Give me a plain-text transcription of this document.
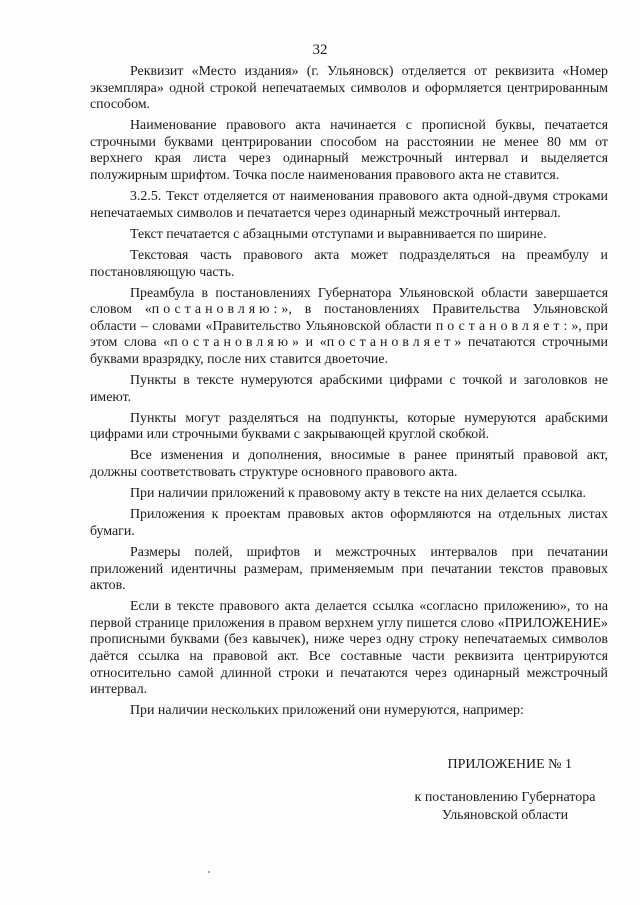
32

Реквизит «Место издания» (г. Ульяновск) отделяется от реквизита «Номер экземпляра» одной строкой непечатаемых символов и оформляется центрированным способом.

Наименование правового акта начинается с прописной буквы, печатается строчными буквами центрировании способом на расстоянии не менее 80 мм от верхнего края листа через одинарный межстрочный интервал и выделяется полужирным шрифтом. Точка после наименования правового акта не ставится.

3.2.5. Текст отделяется от наименования правового акта одной-двумя строками непечатаемых символов и печатается через одинарный межстрочный интервал.

Текст печатается с абзацными отступами и выравнивается по ширине.

Текстовая часть правового акта может подразделяться на преамбулу и постановляющую часть.

Преамбула в постановлениях Губернатора Ульяновской области завершается словом «постановляю:», в постановлениях Правительства Ульяновской области – словами «Правительство Ульяновской области постановляет:», при этом слова «постановляю» и «постановляет» печатаются строчными буквами вразрядку, после них ставится двоеточие.

Пункты в тексте нумеруются арабскими цифрами с точкой и заголовков не имеют.

Пункты могут разделяться на подпункты, которые нумеруются арабскими цифрами или строчными буквами с закрывающей круглой скобкой.

Все изменения и дополнения, вносимые в ранее принятый правовой акт, должны соответствовать структуре основного правового акта.

При наличии приложений к правовому акту в тексте на них делается ссылка.

Приложения к проектам правовых актов оформляются на отдельных листах бумаги.

Размеры полей, шрифтов и межстрочных интервалов при печатании приложений идентичны размерам, применяемым при печатании текстов правовых актов.

Если в тексте правового акта делается ссылка «согласно приложению», то на первой странице приложения в правом верхнем углу пишется слово «ПРИЛОЖЕНИЕ» прописными буквами (без кавычек), ниже через одну строку непечатаемых символов даётся ссылка на правовой акт. Все составные части реквизита центрируются относительно самой длинной строки и печатаются через одинарный межстрочный интервал.

При наличии нескольких приложений они нумеруются, например:

ПРИЛОЖЕНИЕ № 1
к постановлению Губернатора
Ульяновской области
